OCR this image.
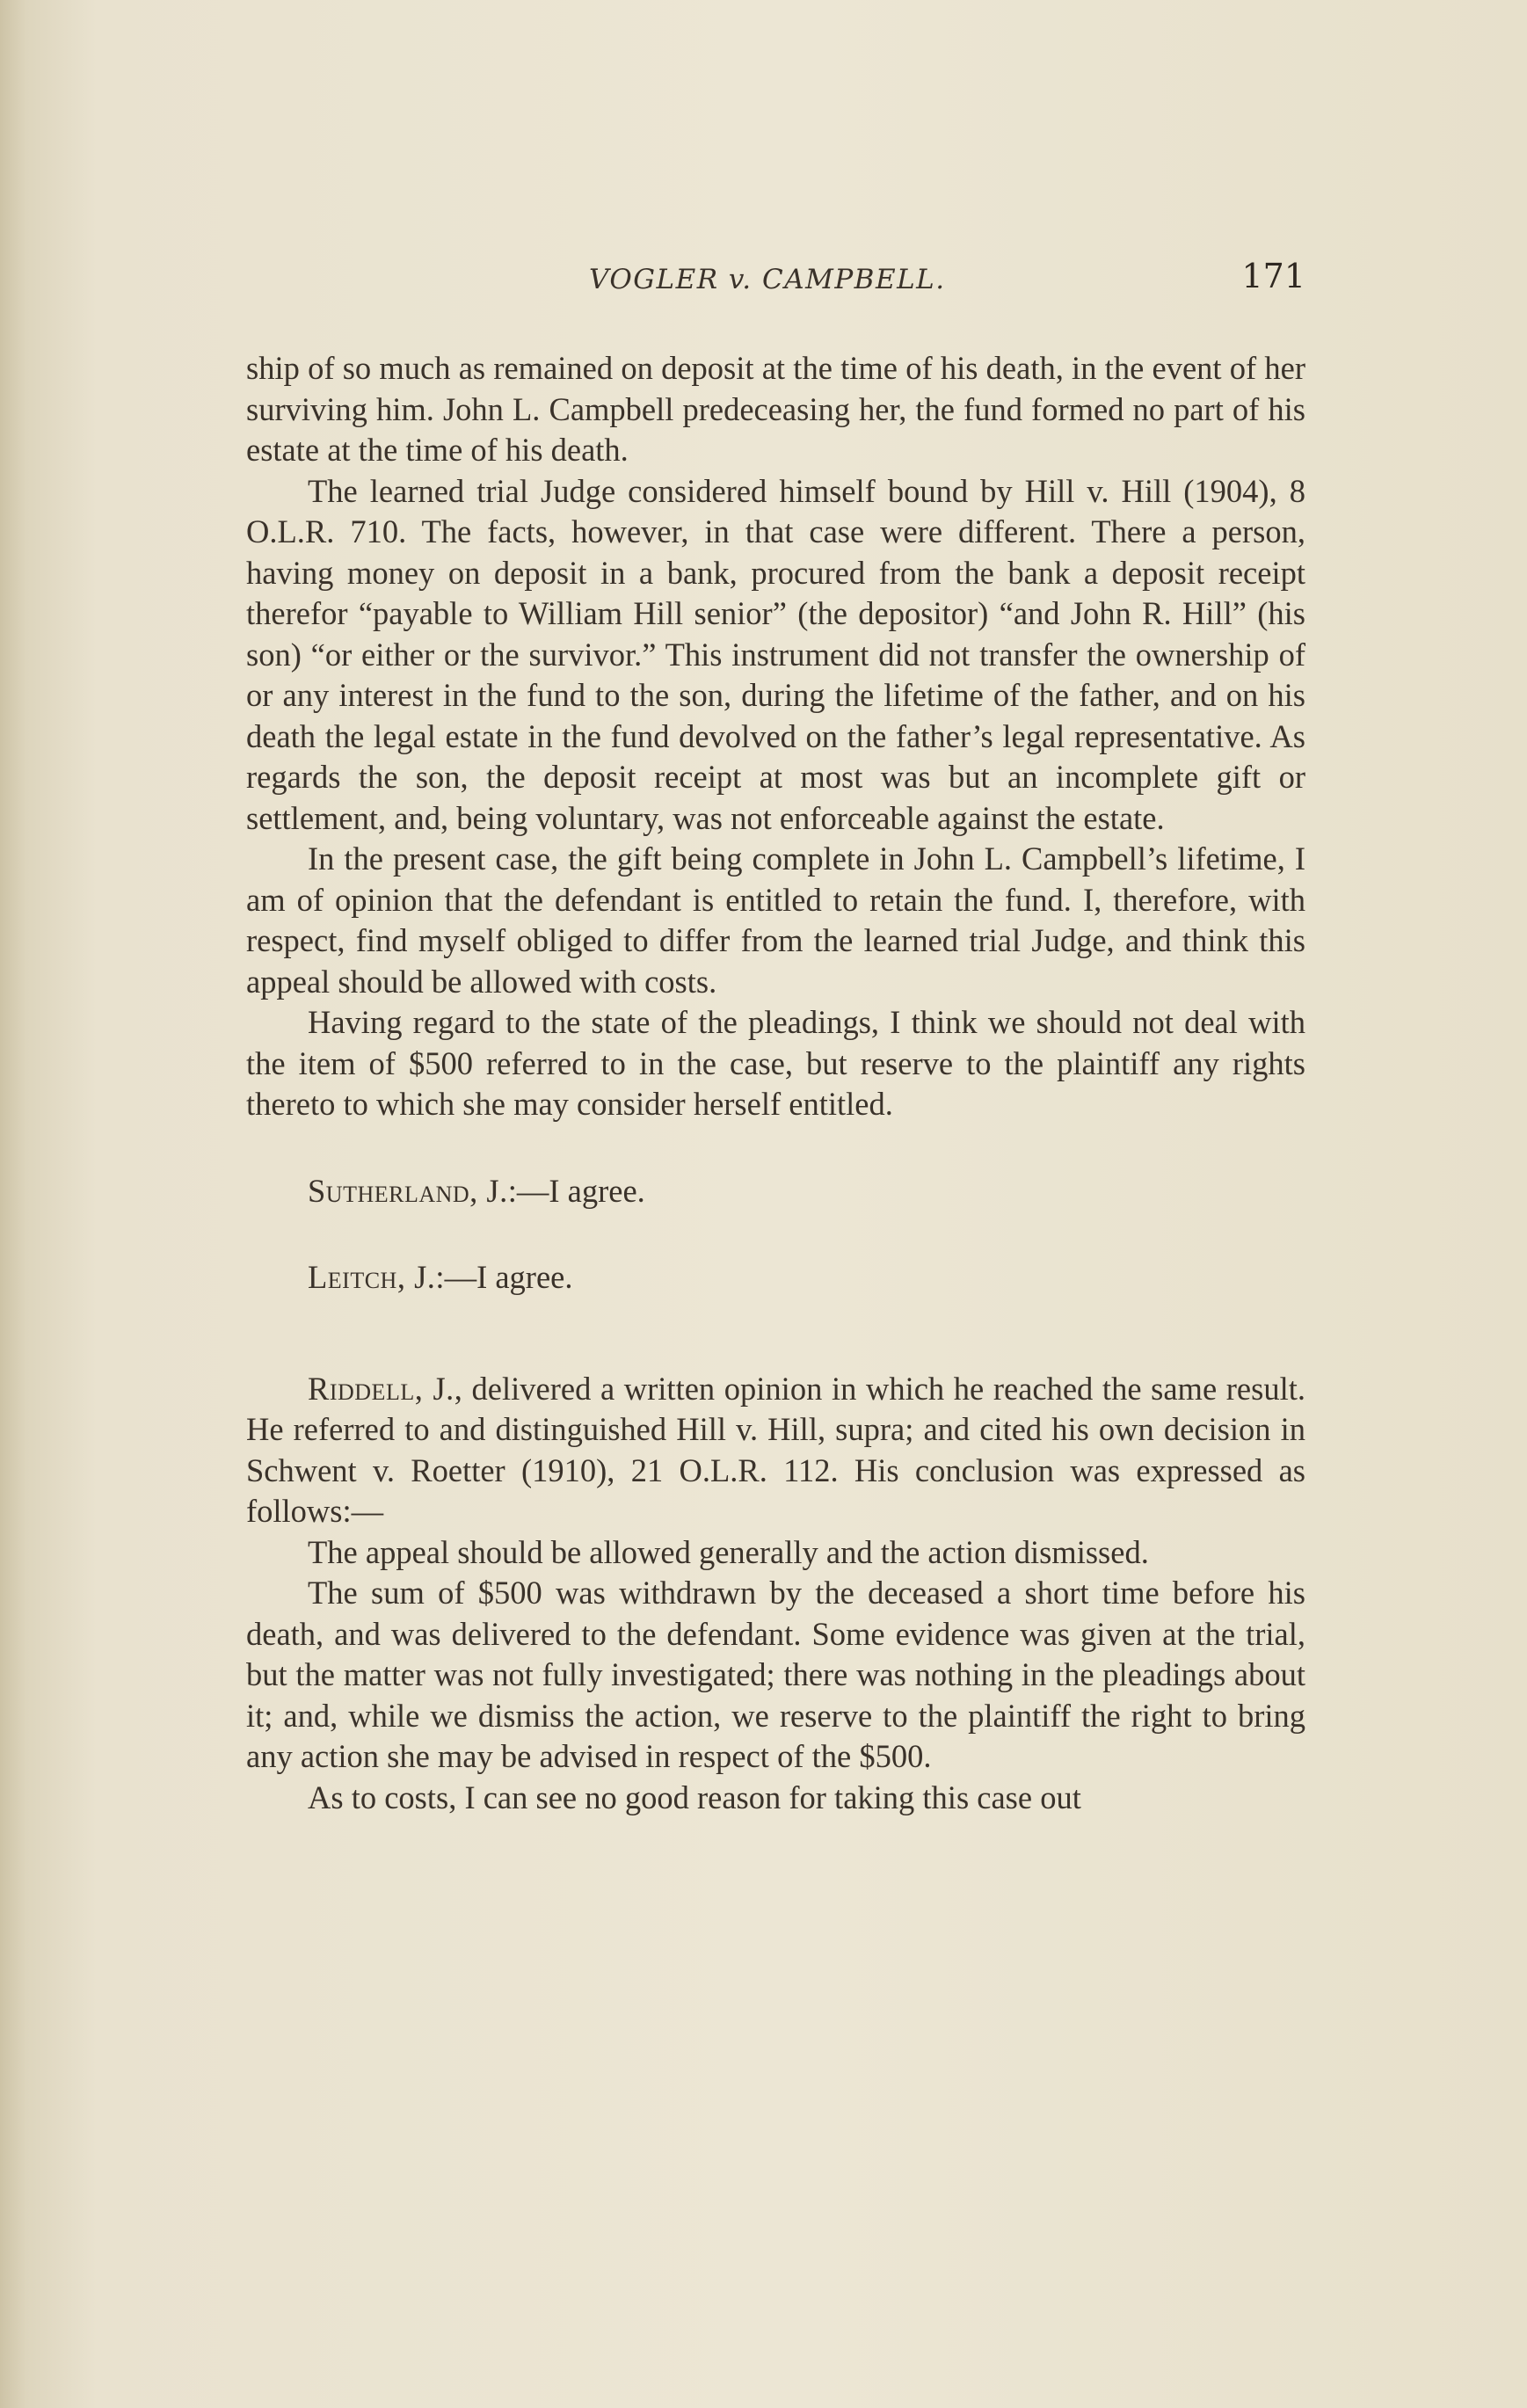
VOGLER v. CAMPBELL.	171

ship of so much as remained on deposit at the time of his death, in the event of her surviving him. John L. Campbell predeceasing her, the fund formed no part of his estate at the time of his death.

The learned trial Judge considered himself bound by Hill v. Hill (1904), 8 O.L.R. 710. The facts, however, in that case were different. There a person, having money on deposit in a bank, procured from the bank a deposit receipt therefor “payable to William Hill senior” (the depositor) “and John R. Hill” (his son) “or either or the survivor.” This instrument did not transfer the ownership of or any interest in the fund to the son, during the lifetime of the father, and on his death the legal estate in the fund devolved on the father’s legal representative. As regards the son, the deposit receipt at most was but an incomplete gift or settlement, and, being voluntary, was not enforceable against the estate.

In the present case, the gift being complete in John L. Campbell’s lifetime, I am of opinion that the defendant is entitled to retain the fund. I, therefore, with respect, find myself obliged to differ from the learned trial Judge, and think this appeal should be allowed with costs.

Having regard to the state of the pleadings, I think we should not deal with the item of $500 referred to in the case, but reserve to the plaintiff any rights thereto to which she may consider herself entitled.

Sutherland, J.:—I agree.

Leitch, J.:—I agree.

Riddell, J., delivered a written opinion in which he reached the same result. He referred to and distinguished Hill v. Hill, supra; and cited his own decision in Schwent v. Roetter (1910), 21 O.L.R. 112. His conclusion was expressed as follows:—

The appeal should be allowed generally and the action dismissed.

The sum of $500 was withdrawn by the deceased a short time before his death, and was delivered to the defendant. Some evidence was given at the trial, but the matter was not fully investigated; there was nothing in the pleadings about it; and, while we dismiss the action, we reserve to the plaintiff the right to bring any action she may be advised in respect of the $500.

As to costs, I can see no good reason for taking this case out
